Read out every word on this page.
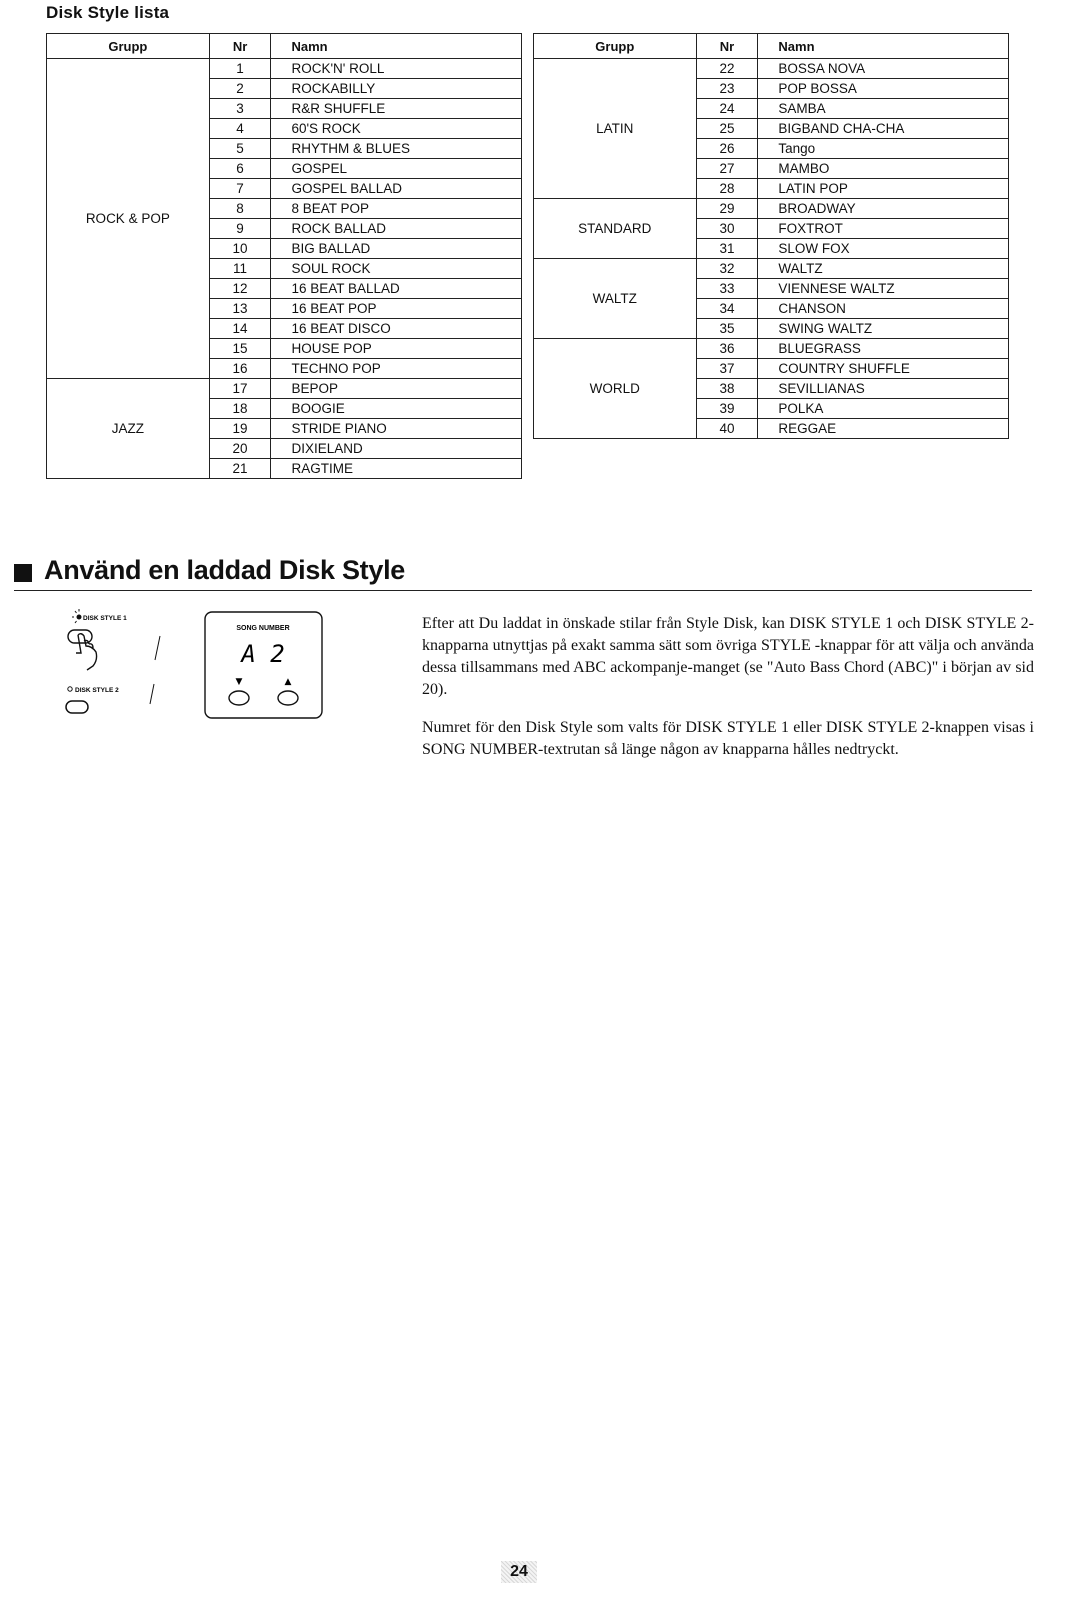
Disk Style lista
Grupp	Nr	Namn
ROCK & POP	1	ROCK'N' ROLL
	2	ROCKABILLY
	3	R&R SHUFFLE
	4	60'S ROCK
	5	RHYTHM & BLUES
	6	GOSPEL
	7	GOSPEL BALLAD
	8	8 BEAT POP
	9	ROCK BALLAD
	10	BIG BALLAD
	11	SOUL ROCK
	12	16 BEAT BALLAD
	13	16 BEAT POP
	14	16 BEAT DISCO
	15	HOUSE POP
	16	TECHNO POP
JAZZ	17	BEPOP
	18	BOOGIE
	19	STRIDE PIANO
	20	DIXIELAND
	21	RAGTIME
Grupp	Nr	Namn
LATIN	22	BOSSA NOVA
	23	POP BOSSA
	24	SAMBA
	25	BIGBAND CHA-CHA
	26	Tango
	27	MAMBO
	28	LATIN POP
STANDARD	29	BROADWAY
	30	FOXTROT
	31	SLOW FOX
WALTZ	32	WALTZ
	33	VIENNESE WALTZ
	34	CHANSON
	35	SWING WALTZ
WORLD	36	BLUEGRASS
	37	COUNTRY SHUFFLE
	38	SEVILLIANAS
	39	POLKA
	40	REGGAE
Använd en laddad Disk Style
DISK STYLE 1
DISK STYLE 2
SONG NUMBER
A 2
▼	▲

Efter att Du laddat in önskade stilar från Style Disk, kan DISK STYLE 1 och DISK STYLE 2-knapparna utnyttjas på exakt samma sätt som övriga STYLE -knappar för att välja och använda dessa tillsammans med ABC ackompanje-manget (se "Auto Bass Chord (ABC)" i början av sid 20).

Numret för den Disk Style som valts för DISK STYLE 1 eller DISK STYLE 2-knappen visas i SONG NUMBER-textrutan så länge någon av knapparna hålles nedtryckt.

24
